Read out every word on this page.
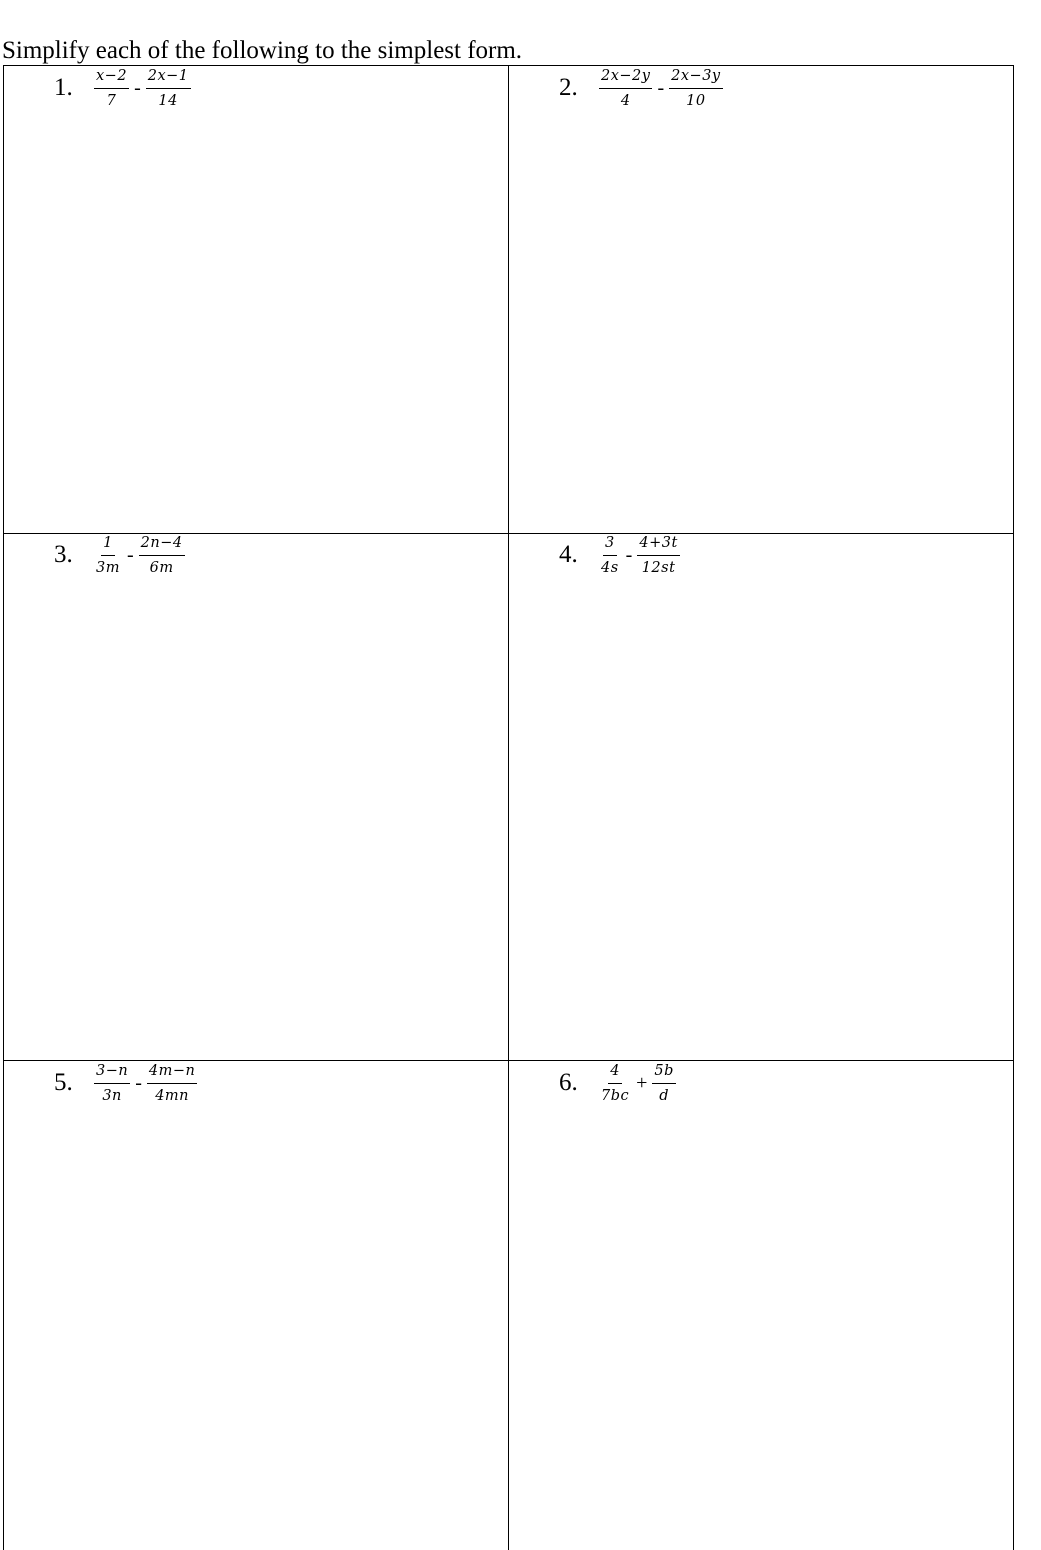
Simplify each of the following to the simplest form.
1.	$\frac{x-2}{7} - \frac{2x-1}{14}$	2.	$\frac{2x-2y}{4} - \frac{2x-3y}{10}$
3.	$\frac{1}{3m} - \frac{2n-4}{6m}$	4.	$\frac{3}{4s} - \frac{4+3t}{12st}$
5.	$\frac{3-n}{3n} - \frac{4m-n}{4mn}$	6.	$\frac{4}{7bc} + \frac{5b}{d}$
